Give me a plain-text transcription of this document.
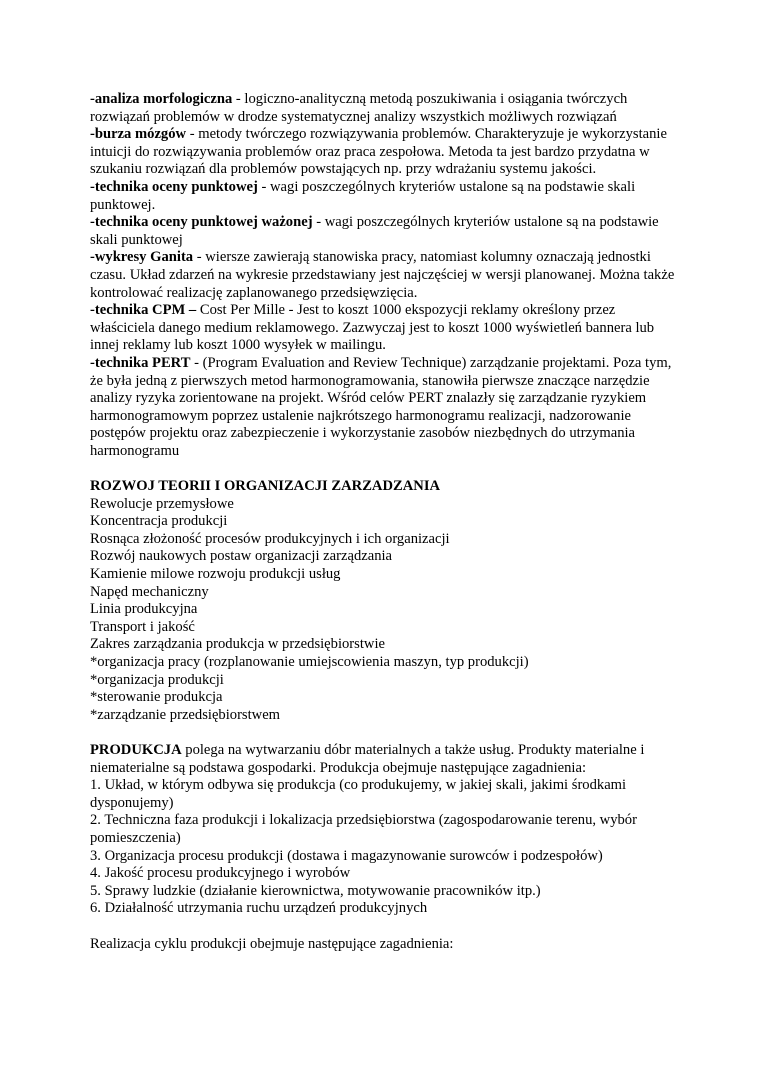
-analiza morfologiczna - logiczno-analityczną metodą poszukiwania i osiągania twórczych rozwiązań problemów w drodze systematycznej analizy wszystkich możliwych rozwiązań

-burza mózgów - metody twórczego rozwiązywania problemów. Charakteryzuje je wykorzystanie intuicji do rozwiązywania problemów oraz praca zespołowa. Metoda ta jest bardzo przydatna w szukaniu rozwiązań dla problemów powstających np. przy wdrażaniu systemu jakości.

-technika oceny punktowej - wagi poszczególnych kryteriów ustalone są na podstawie skali punktowej.

-technika oceny punktowej ważonej - wagi poszczególnych kryteriów ustalone są na podstawie skali punktowej

-wykresy Ganita - wiersze zawierają stanowiska pracy, natomiast kolumny oznaczają jednostki czasu. Układ zdarzeń na wykresie przedstawiany jest najczęściej w wersji planowanej. Można także kontrolować realizację zaplanowanego przedsięwzięcia.

-technika CPM – Cost Per Mille - Jest to koszt 1000 ekspozycji reklamy określony przez właściciela danego medium reklamowego. Zazwyczaj jest to koszt 1000 wyświetleń bannera lub innej reklamy lub koszt 1000 wysyłek w mailingu.

-technika PERT - (Program Evaluation and Review Technique) zarządzanie projektami. Poza tym, że była jedną z pierwszych metod harmonogramowania, stanowiła pierwsze znaczące narzędzie analizy ryzyka zorientowane na projekt. Wśród celów PERT znalazły się zarządzanie ryzykiem harmonogramowym poprzez ustalenie najkrótszego harmonogramu realizacji, nadzorowanie postępów projektu oraz zabezpieczenie i wykorzystanie zasobów niezbędnych do utrzymania harmonogramu

ROZWOJ TEORII I ORGANIZACJI ZARZADZANIA

Rewolucje przemysłowe

Koncentracja produkcji

Rosnąca złożoność procesów produkcyjnych i ich organizacji

Rozwój naukowych postaw organizacji zarządzania

Kamienie milowe rozwoju produkcji usług

Napęd mechaniczny

Linia produkcyjna

Transport i jakość

Zakres zarządzania produkcja w przedsiębiorstwie

*organizacja pracy (rozplanowanie umiejscowienia maszyn, typ produkcji)

*organizacja produkcji

*sterowanie produkcja

*zarządzanie przedsiębiorstwem

PRODUKCJA polega na wytwarzaniu dóbr materialnych a także usług. Produkty materialne i niematerialne są podstawa gospodarki. Produkcja obejmuje następujące zagadnienia:

1. Układ, w którym odbywa się produkcja (co produkujemy, w jakiej skali, jakimi środkami dysponujemy)

2. Techniczna faza produkcji i lokalizacja przedsiębiorstwa (zagospodarowanie terenu, wybór pomieszczenia)

3. Organizacja procesu produkcji (dostawa i magazynowanie surowców i podzespołów)

4. Jakość procesu produkcyjnego i wyrobów

5. Sprawy ludzkie (działanie kierownictwa, motywowanie pracowników itp.)

6. Działalność utrzymania ruchu urządzeń produkcyjnych

Realizacja cyklu produkcji obejmuje następujące zagadnienia:
